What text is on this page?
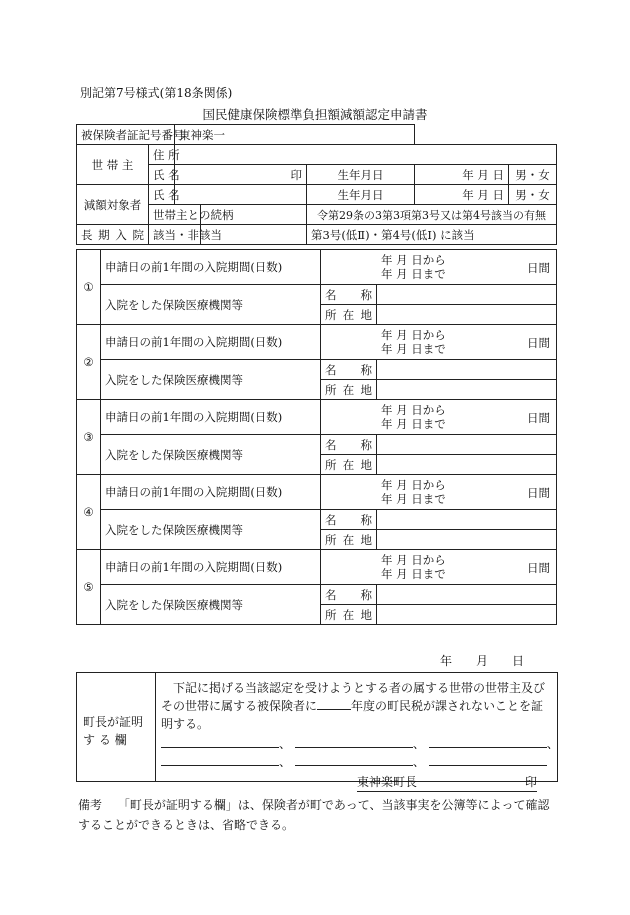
別記第7号様式(第18条関係)
国民健康保険標準負担額減額認定申請書
被保険者証記号番号		東神楽一				
世 帯 主	住 所					
	氏 名	印		生年月日	年 月 日	男・女
減額対象者	氏 名			生年月日	年 月 日	男・女
	世帯主との続柄			令第29条の3第3項第3号又は第4号該当の有無		
長 期 入 院	該当・非該当			第3号(低Ⅱ)・第4号(低Ⅰ) に該当		
①	申請日の前1年間の入院期間(日数)	年 月 日から
年 月 日まで 日間	

	入院をした保険医療機関等	名 称	
		所 在 地	
②	申請日の前1年間の入院期間(日数)	年 月 日から
年 月 日まで 日間	

	入院をした保険医療機関等	名 称	
		所 在 地	
③	申請日の前1年間の入院期間(日数)	年 月 日から
年 月 日まで 日間	

	入院をした保険医療機関等	名 称	
		所 在 地	
④	申請日の前1年間の入院期間(日数)	年 月 日から
年 月 日まで 日間	

	入院をした保険医療機関等	名 称	
		所 在 地	
⑤	申請日の前1年間の入院期間(日数)	年 月 日から
年 月 日まで 日間	

	入院をした保険医療機関等	名 称	
		所 在 地	
年　　月　　日
町長が証明
す る 欄
下記に掲げる当該認定を受けようとする者の属する世帯の世帯主及びその世帯に属する被保険者に	年度の町民税が課されないことを証明する。
、	、	、
、	、
東神楽町長	印
備考 「町長が証明する欄」は、保険者が町であって、当該事実を公簿等によって確認することができるときは、省略できる。
